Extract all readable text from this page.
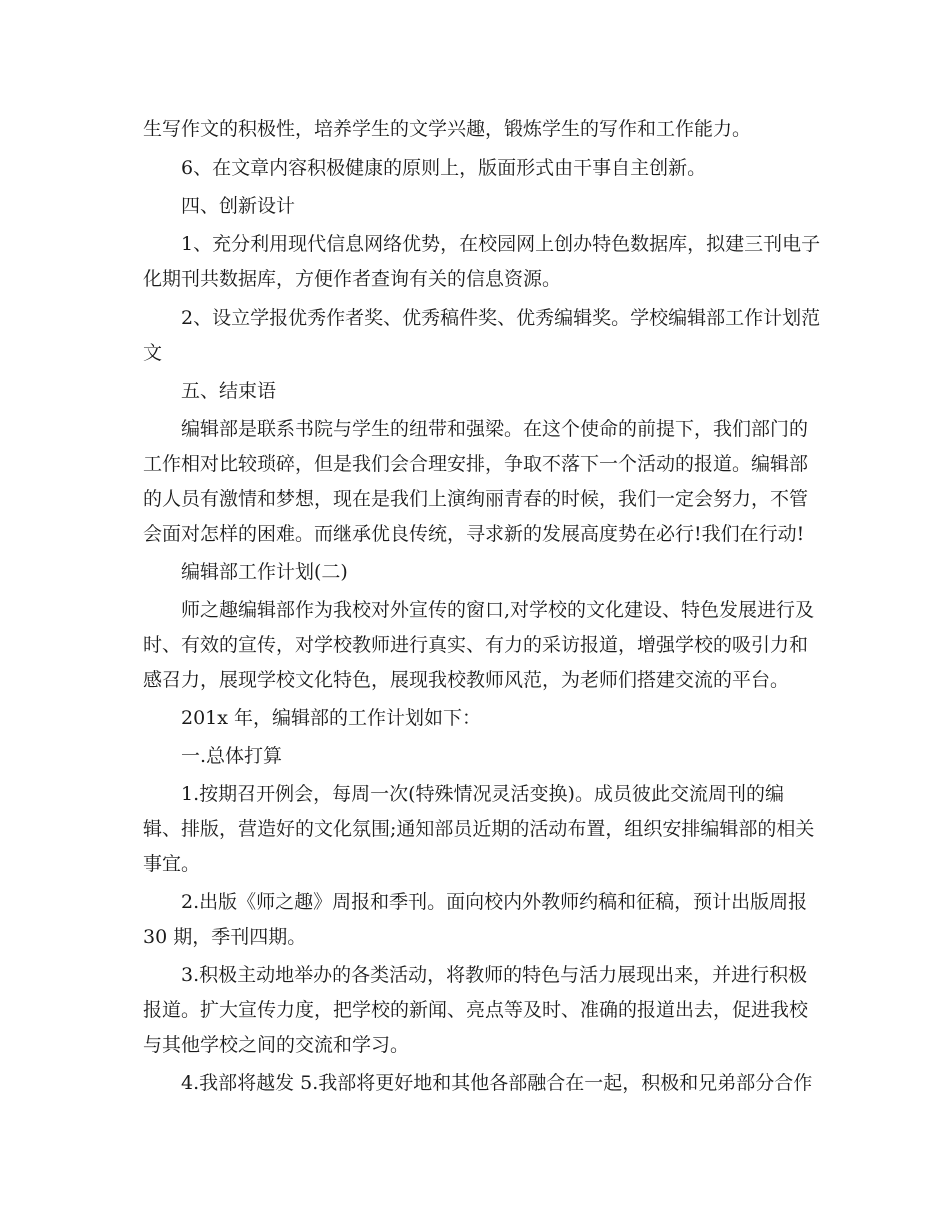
生写作文的积极性，培养学生的文学兴趣，锻炼学生的写作和工作能力。
6、在文章内容积极健康的原则上，版面形式由干事自主创新。
四、创新设计
1、充分利用现代信息网络优势，在校园网上创办特色数据库，拟建三刊电子
化期刊共数据库，方便作者查询有关的信息资源。
2、设立学报优秀作者奖、优秀稿件奖、优秀编辑奖。学校编辑部工作计划范
文
五、结束语
编辑部是联系书院与学生的纽带和强梁。在这个使命的前提下，我们部门的
工作相对比较琐碎，但是我们会合理安排，争取不落下一个活动的报道。编辑部
的人员有激情和梦想，现在是我们上演绚丽青春的时候，我们一定会努力，不管
会面对怎样的困难。而继承优良传统，寻求新的发展高度势在必行!我们在行动!
编辑部工作计划(二)
师之趣编辑部作为我校对外宣传的窗口,对学校的文化建设、特色发展进行及
时、有效的宣传，对学校教师进行真实、有力的采访报道，增强学校的吸引力和
感召力，展现学校文化特色，展现我校教师风范，为老师们搭建交流的平台。
201x 年，编辑部的工作计划如下：
一.总体打算
1.按期召开例会，每周一次(特殊情况灵活变换)。成员彼此交流周刊的编
辑、排版，营造好的文化氛围;通知部员近期的活动布置，组织安排编辑部的相关
事宜。
2.出版《师之趣》周报和季刊。面向校内外教师约稿和征稿，预计出版周报
30 期，季刊四期。
3.积极主动地举办的各类活动，将教师的特色与活力展现出来，并进行积极
报道。扩大宣传力度，把学校的新闻、亮点等及时、准确的报道出去，促进我校
与其他学校之间的交流和学习。
4.我部将越发 5.我部将更好地和其他各部融合在一起，积极和兄弟部分合作
